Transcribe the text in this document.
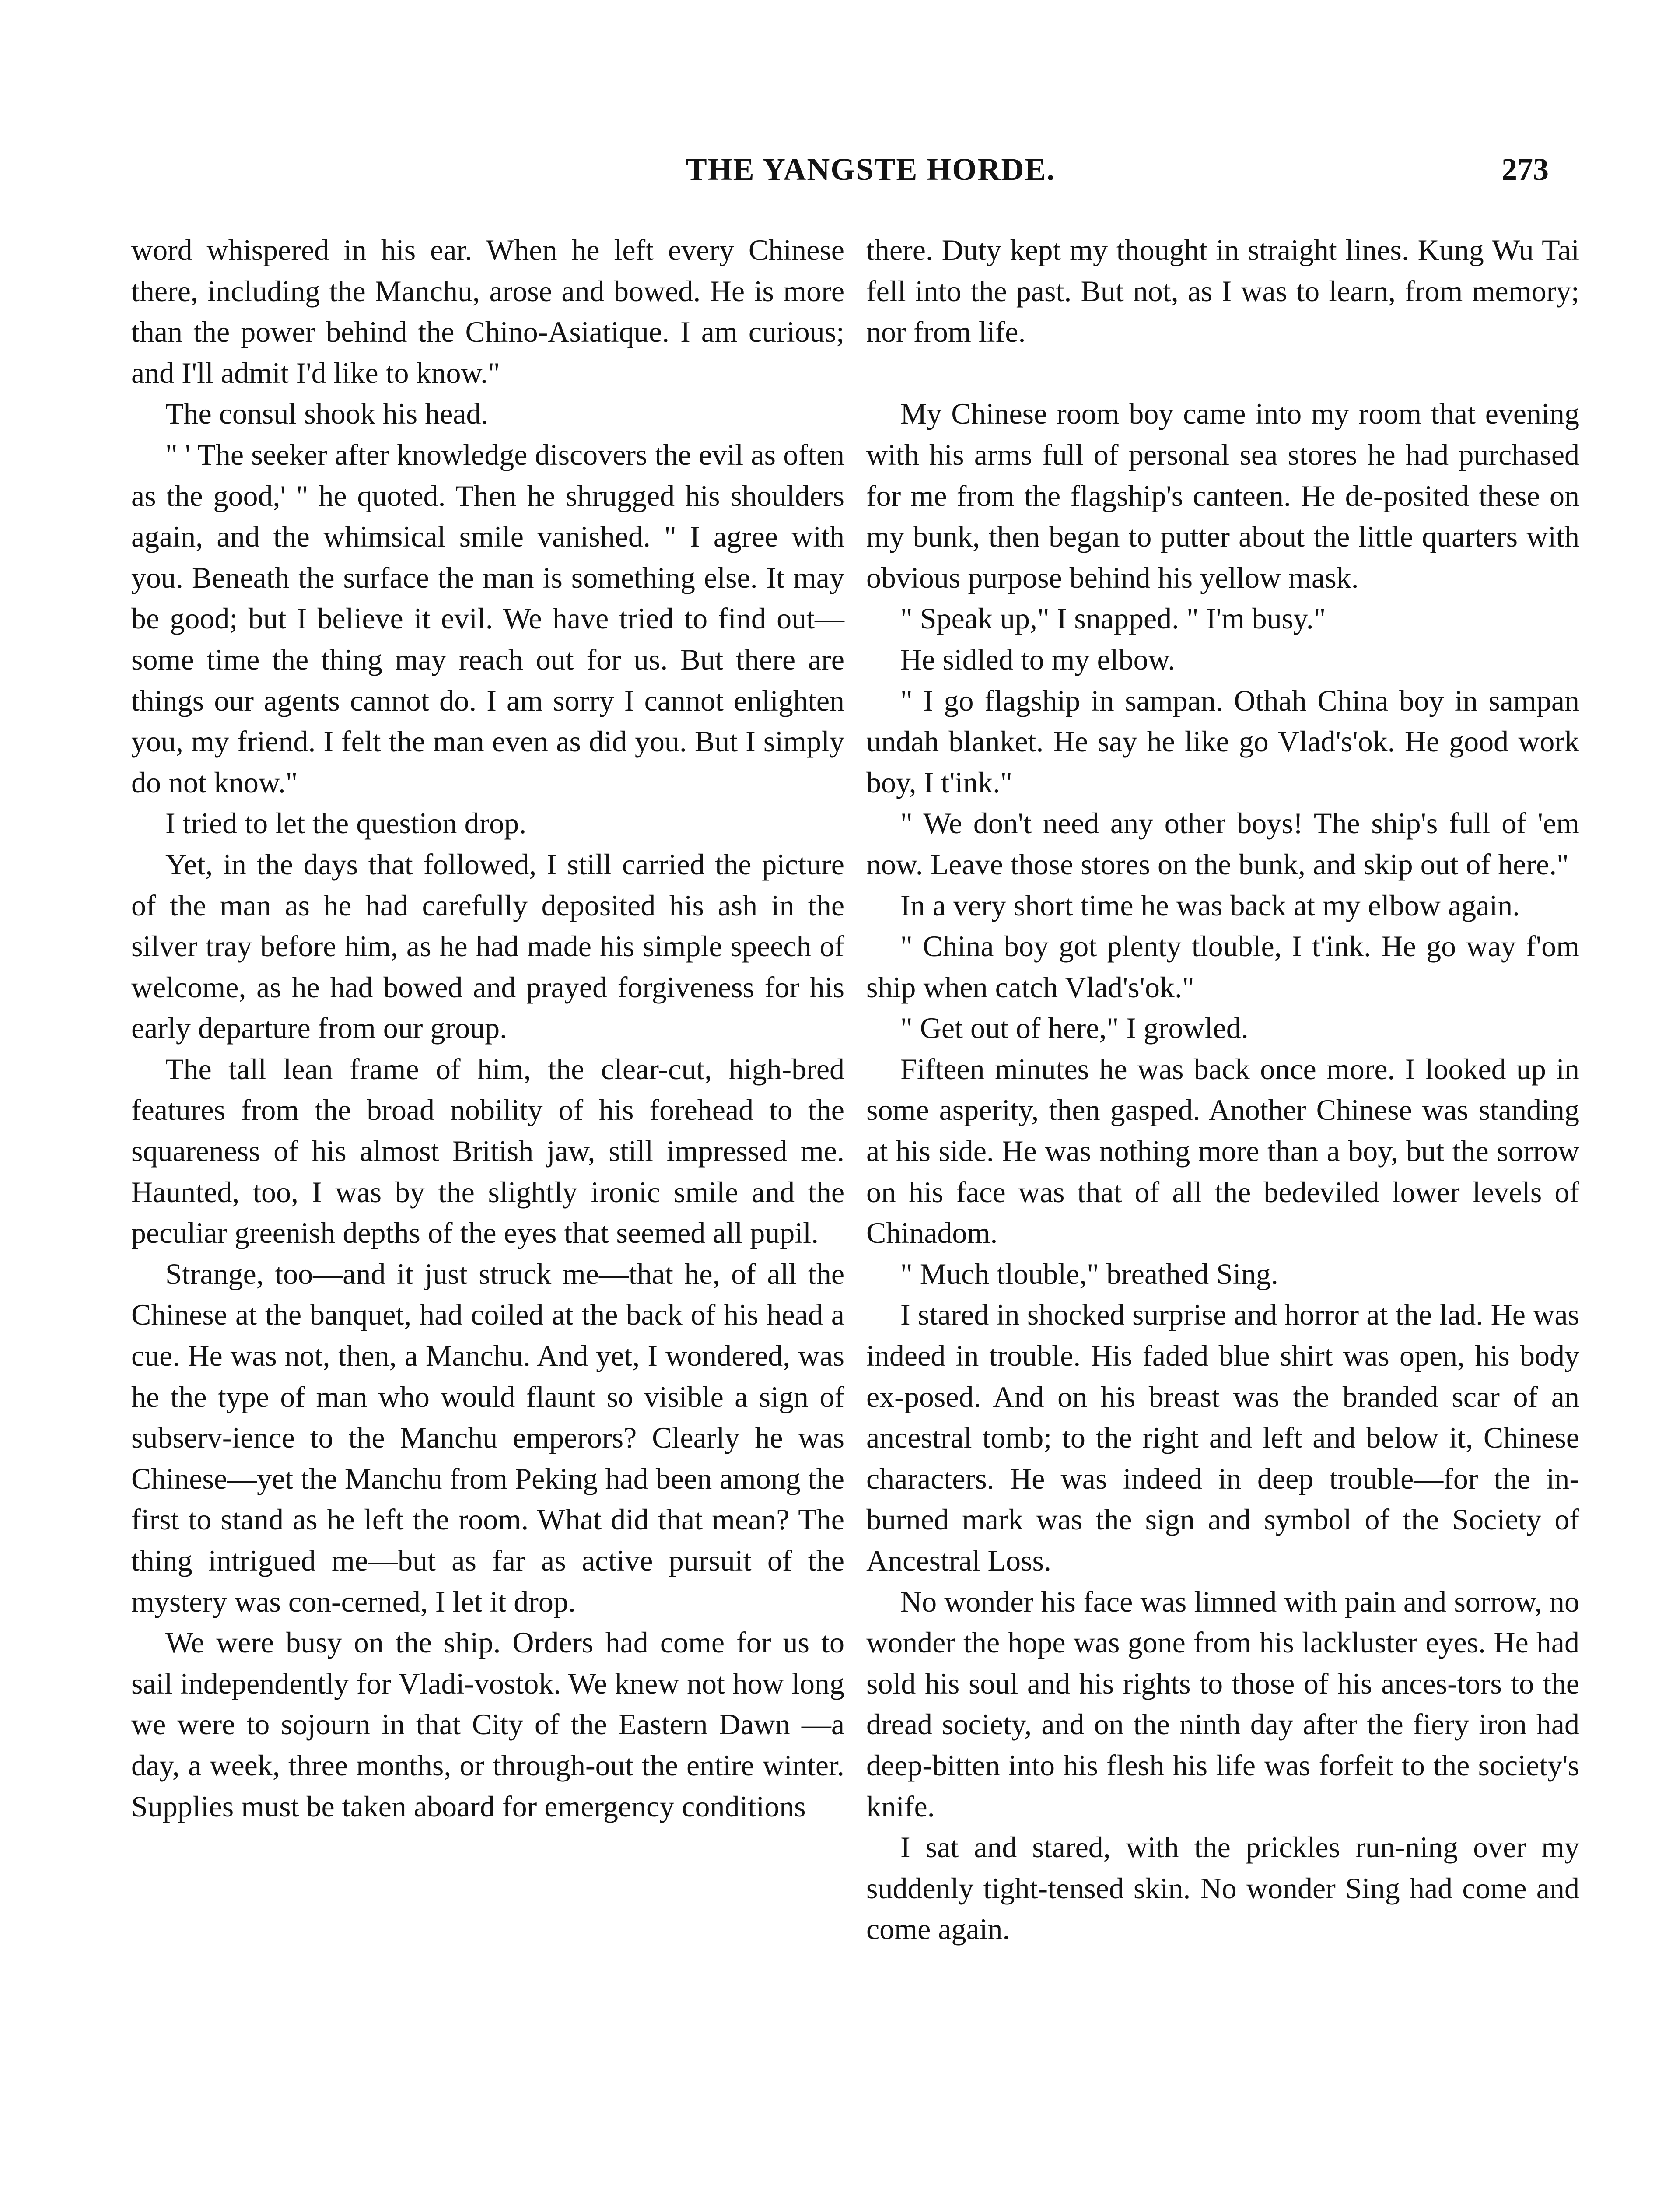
THE YANGSTE HORDE.	273

word whispered in his ear. When he left every Chinese there, including the Manchu, arose and bowed. He is more than the power behind the Chino-Asiatique. I am curious; and I'll admit I'd like to know."

The consul shook his head.

" ' The seeker after knowledge discovers the evil as often as the good,' " he quoted. Then he shrugged his shoulders again, and the whimsical smile vanished. " I agree with you. Beneath the surface the man is something else. It may be good; but I believe it evil. We have tried to find out—some time the thing may reach out for us. But there are things our agents cannot do. I am sorry I cannot enlighten you, my friend. I felt the man even as did you. But I simply do not know."

I tried to let the question drop.

Yet, in the days that followed, I still carried the picture of the man as he had carefully deposited his ash in the silver tray before him, as he had made his simple speech of welcome, as he had bowed and prayed forgiveness for his early departure from our group.

The tall lean frame of him, the clear-cut, high-bred features from the broad nobility of his forehead to the squareness of his almost British jaw, still impressed me. Haunted, too, I was by the slightly ironic smile and the peculiar greenish depths of the eyes that seemed all pupil.

Strange, too—and it just struck me—that he, of all the Chinese at the banquet, had coiled at the back of his head a cue. He was not, then, a Manchu. And yet, I wondered, was he the type of man who would flaunt so visible a sign of subserv-ience to the Manchu emperors? Clearly he was Chinese—yet the Manchu from Peking had been among the first to stand as he left the room. What did that mean? The thing intrigued me—but as far as active pursuit of the mystery was con-cerned, I let it drop.

We were busy on the ship. Orders had come for us to sail independently for Vladi-vostok. We knew not how long we were to sojourn in that City of the Eastern Dawn —a day, a week, three months, or through-out the entire winter. Supplies must be taken aboard for emergency conditions

there. Duty kept my thought in straight lines. Kung Wu Tai fell into the past. But not, as I was to learn, from memory; nor from life.

My Chinese room boy came into my room that evening with his arms full of personal sea stores he had purchased for me from the flagship's canteen. He de-posited these on my bunk, then began to putter about the little quarters with obvious purpose behind his yellow mask.

" Speak up," I snapped. " I'm busy."

He sidled to my elbow.

" I go flagship in sampan. Othah China boy in sampan undah blanket. He say he like go Vlad's'ok. He good work boy, I t'ink."

" We don't need any other boys! The ship's full of 'em now. Leave those stores on the bunk, and skip out of here."

In a very short time he was back at my elbow again.

" China boy got plenty tlouble, I t'ink. He go way f'om ship when catch Vlad's'ok."

" Get out of here," I growled.

Fifteen minutes he was back once more. I looked up in some asperity, then gasped. Another Chinese was standing at his side. He was nothing more than a boy, but the sorrow on his face was that of all the bedeviled lower levels of Chinadom.

" Much tlouble," breathed Sing.

I stared in shocked surprise and horror at the lad. He was indeed in trouble. His faded blue shirt was open, his body ex-posed. And on his breast was the branded scar of an ancestral tomb; to the right and left and below it, Chinese characters. He was indeed in deep trouble—for the in-burned mark was the sign and symbol of the Society of Ancestral Loss.

No wonder his face was limned with pain and sorrow, no wonder the hope was gone from his lackluster eyes. He had sold his soul and his rights to those of his ances-tors to the dread society, and on the ninth day after the fiery iron had deep-bitten into his flesh his life was forfeit to the society's knife.

I sat and stared, with the prickles run-ning over my suddenly tight-tensed skin. No wonder Sing had come and come again.
